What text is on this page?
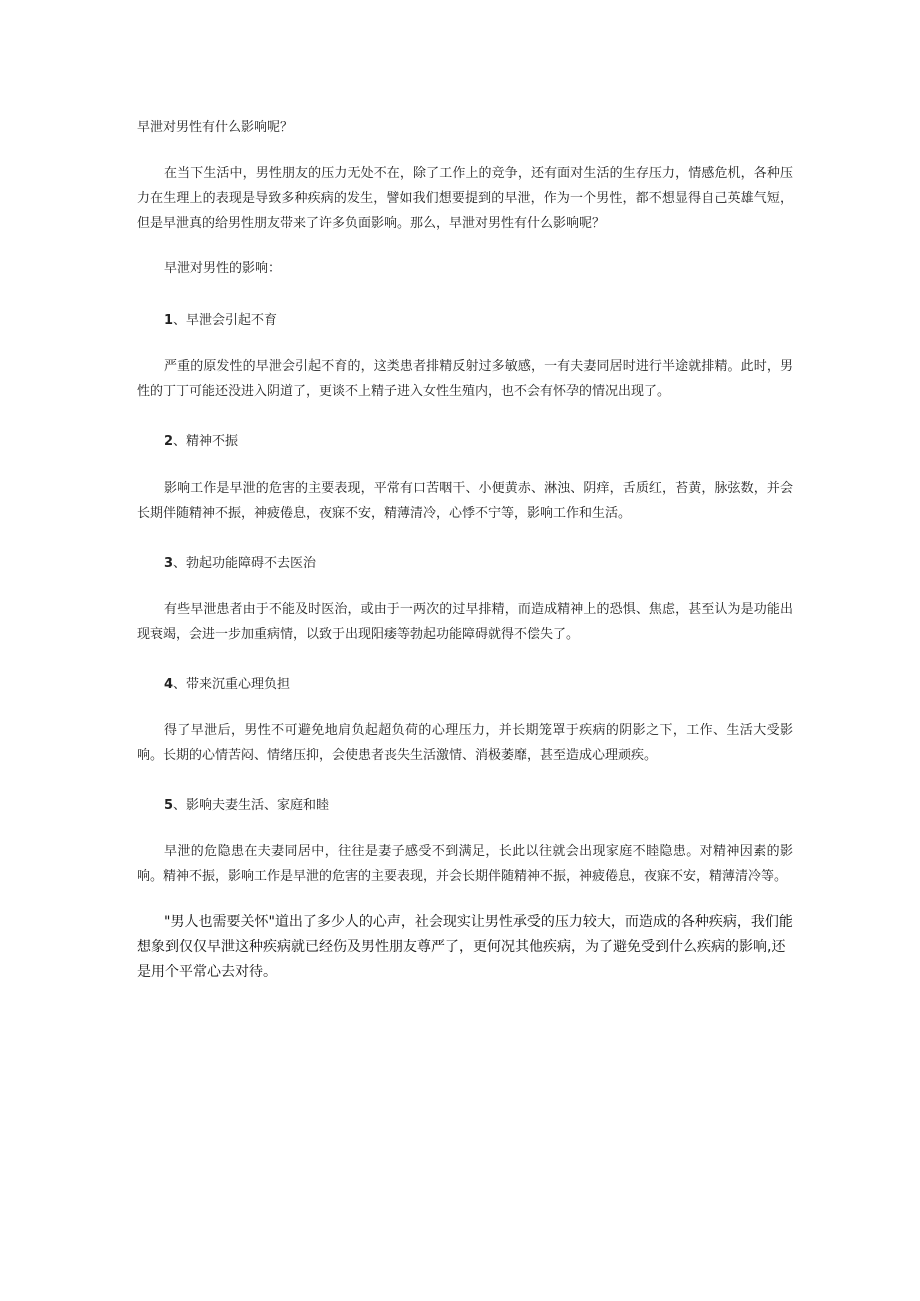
早泄对男性有什么影响呢？

在当下生活中，男性朋友的压力无处不在，除了工作上的竞争，还有面对生活的生存压力，情感危机，各种压力在生理上的表现是导致多种疾病的发生，譬如我们想要提到的早泄，作为一个男性，都不想显得自己英雄气短，但是早泄真的给男性朋友带来了许多负面影响。那么，早泄对男性有什么影响呢？

早泄对男性的影响：

1、早泄会引起不育

严重的原发性的早泄会引起不育的，这类患者排精反射过多敏感，一有夫妻同居时进行半途就排精。此时，男性的丁丁可能还没进入阴道了，更谈不上精子进入女性生殖内，也不会有怀孕的情况出现了。

2、精神不振

影响工作是早泄的危害的主要表现，平常有口苦咽干、小便黄赤、淋浊、阴痒，舌质红，苔黄，脉弦数，并会长期伴随精神不振，神疲倦息，夜寐不安，精薄清冷，心悸不宁等，影响工作和生活。

3、勃起功能障碍不去医治

有些早泄患者由于不能及时医治，或由于一两次的过早排精，而造成精神上的恐惧、焦虑，甚至认为是功能出现衰竭，会进一步加重病情，以致于出现阳痿等勃起功能障碍就得不偿失了。

4、带来沉重心理负担

得了早泄后，男性不可避免地肩负起超负荷的心理压力，并长期笼罩于疾病的阴影之下，工作、生活大受影响。长期的心情苦闷、情绪压抑，会使患者丧失生活激情、消极萎靡，甚至造成心理顽疾。

5、影响夫妻生活、家庭和睦

早泄的危隐患在夫妻同居中，往往是妻子感受不到满足，长此以往就会出现家庭不睦隐患。对精神因素的影响。精神不振，影响工作是早泄的危害的主要表现，并会长期伴随精神不振，神疲倦息，夜寐不安，精薄清冷等。

"男人也需要关怀"道出了多少人的心声，社会现实让男性承受的压力较大，而造成的各种疾病，我们能想象到仅仅早泄这种疾病就已经伤及男性朋友尊严了，更何况其他疾病，为了避免受到什么疾病的影响,还是用个平常心去对待。
